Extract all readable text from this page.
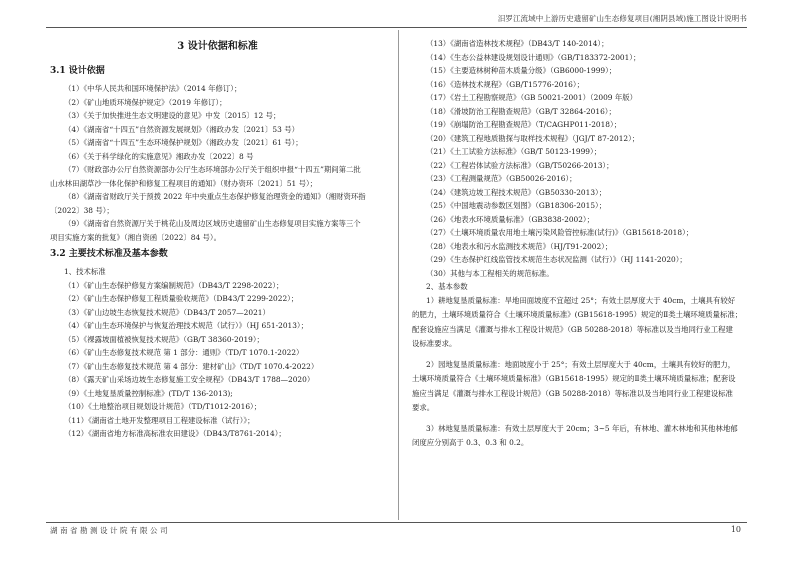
汨罗江流域中上游历史遗留矿山生态修复项目(湘阴县域)施工图设计说明书
3 设计依据和标准
3.1 设计依据

（1）《中华人民共和国环境保护法》（2014 年修订）；

（2）《矿山地质环境保护规定》（2019 年修订）；

（3）《关于加快推进生态文明建设的意见》中发〔2015〕12 号；

（4）《湖南省“十四五”自然资源发展规划》（湘政办发〔2021〕53 号）

（5）《湖南省“十四五”生态环境保护规划》（湘政办发〔2021〕61 号）；

（6）《关于科学绿化的实施意见》湘政办发〔2022〕8 号

（7）《财政部办公厅自然资源部办公厅生态环境部办公厅关于组织申报“十四五”期间第二批

山水林田湖草沙一体化保护和修复工程项目的通知》（财办资环〔2021〕51 号）；

（8）《湖南省财政厅关于预拨 2022 年中央重点生态保护修复治理资金的通知》（湘财资环指

〔2022〕38 号）；

（9）《湖南省自然资源厅关于桃花山及周边区域历史遗留矿山生态修复项目实施方案等三个

项目实施方案的批复》（湘自资函〔2022〕84 号）。

3.2 主要技术标准及基本参数

1、技术标准

（1）《矿山生态保护修复方案编制规范》（DB43/T 2298-2022）；

（2）《矿山生态保护修复工程质量验收规范》（DB43/T 2299-2022）；

（3）《矿山边坡生态恢复技术规范》（DB43/T 2057—2021）

（4）《矿山生态环境保护与恢复治理技术规范（试行）》（HJ 651-2013）；

（5）《裸露坡面植被恢复技术规范》（GB/T 38360-2019）；

（6）《矿山生态修复技术规范 第 1 部分：通则》（TD/T 1070.1-2022）

（7）《矿山生态修复技术规范 第 4 部分：建材矿山》（TD/T 1070.4-2022）

（8）《露天矿山采场边坡生态修复施工安全规程》（DB43/T 1788—2020）

（9）《土地复垦质量控制标准》(TD/T 136-2013);

（10）《土地整治项目规划设计规范》（TD/T1012-2016）；

（11）《湖南省土地开发整理项目工程建设标准（试行）》；

（12）《湖南省地方标准高标准农田建设》（DB43/T8761-2014）；

（13）《湖南省造林技术规程》（DB43/T 140-2014）；

（14）《生态公益林建设规划设计通则》（GB/T183372-2001）；

（15）《主要造林树种苗木质量分级》（GB6000-1999）；

（16）《造林技术规程》（GB/T15776-2016）；

（17）《岩土工程勘察规范》（GB 50021-2001）（2009 年版）

（18）《滑坡防治工程勘查规范》（GB/T 32864-2016）；

（19）《崩塌防治工程勘查规范》（T/CAGHP011-2018）；

（20）《建筑工程地质勘探与取样技术规程》（JGJ/T 87-2012）；

（21）《土工试验方法标准》（GB/T 50123-1999）；

（22）《工程岩体试验方法标准》（GB/T50266-2013）；

（23）《工程测量规范》（GB50026-2016）；

（24）《建筑边坡工程技术规范》（GB50330-2013）；

（25）《中国地震动参数区划图》（GB18306-2015）；

（26）《地表水环境质量标准》（GB3838-2002）；

（27）《土壤环境质量农用地土壤污染风险管控标准(试行)》（GB15618-2018）；

（28）《地表水和污水监测技术规范》（HJ/T91-2002）；

（29）《生态保护红线监管技术规范生态状况监测（试行）》（HJ 1141-2020）；

（30）其他与本工程相关的规范标准。

2、基本参数

1）耕地复垦质量标准：旱地田面坡度不宜超过 25°；有效土层厚度大于 40cm，土壤具有较好

的肥力，土壤环境质量符合《土壤环境质量标准》(GB15618-1995）规定的Ⅱ类土壤环境质量标准；

配套设施应当满足《灌溉与排水工程设计规范》（GB 50288-2018）等标准以及当地同行业工程建

设标准要求。

2）园地复垦质量标准：地面坡度小于 25°；有效土层厚度大于 40cm，土壤具有较好的肥力，

土壤环境质量符合《土壤环境质量标准》（GB15618-1995）规定的Ⅱ类土壤环境质量标准；配套设

施应当满足《灌溉与排水工程设计规范》（GB 50288-2018）等标准以及当地同行业工程建设标准

要求。

3）林地复垦质量标准：有效土层厚度大于 20cm；3~5 年后，有林地、灌木林地和其他林地郁

闭度应分别高于 0.3、0.3 和 0.2。

湖南省勘测设计院有限公司	10
